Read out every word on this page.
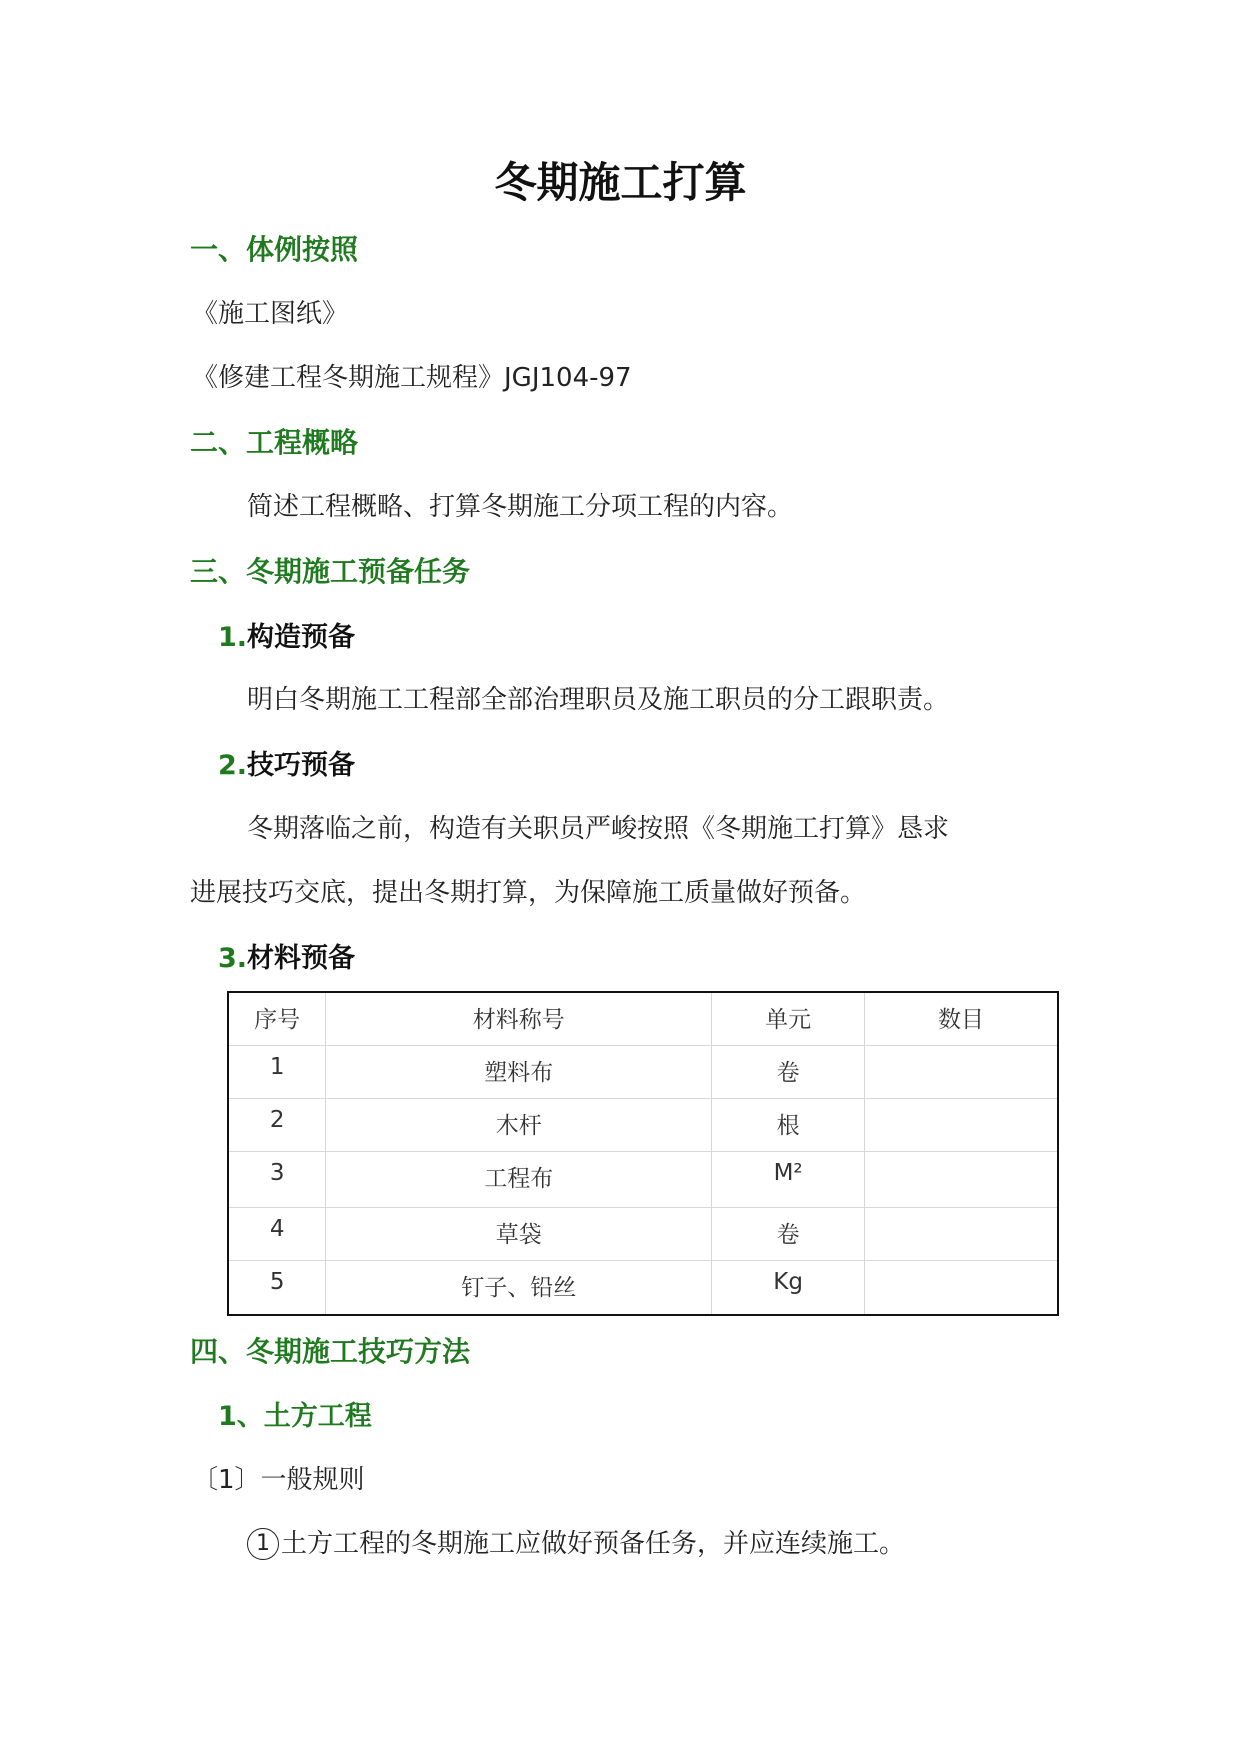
冬期施工打算
一、体例按照
《施工图纸》
《修建工程冬期施工规程》JGJ104-97
二、工程概略
简述工程概略、打算冬期施工分项工程的内容。
三、冬期施工预备任务
1.构造预备
明白冬期施工工程部全部治理职员及施工职员的分工跟职责。
2.技巧预备
冬期落临之前，构造有关职员严峻按照《冬期施工打算》恳求
进展技巧交底，提出冬期打算，为保障施工质量做好预备。
3.材料预备
序号	材料称号	单元	数目
1	塑料布	卷	
2	木杆	根	
3	工程布	M²	
4	草袋	卷	
5	钉子、铅丝	Kg	
四、冬期施工技巧方法
1、土方工程
〔1〕一般规则
1 土方工程的冬期施工应做好预备任务，并应连续施工。
